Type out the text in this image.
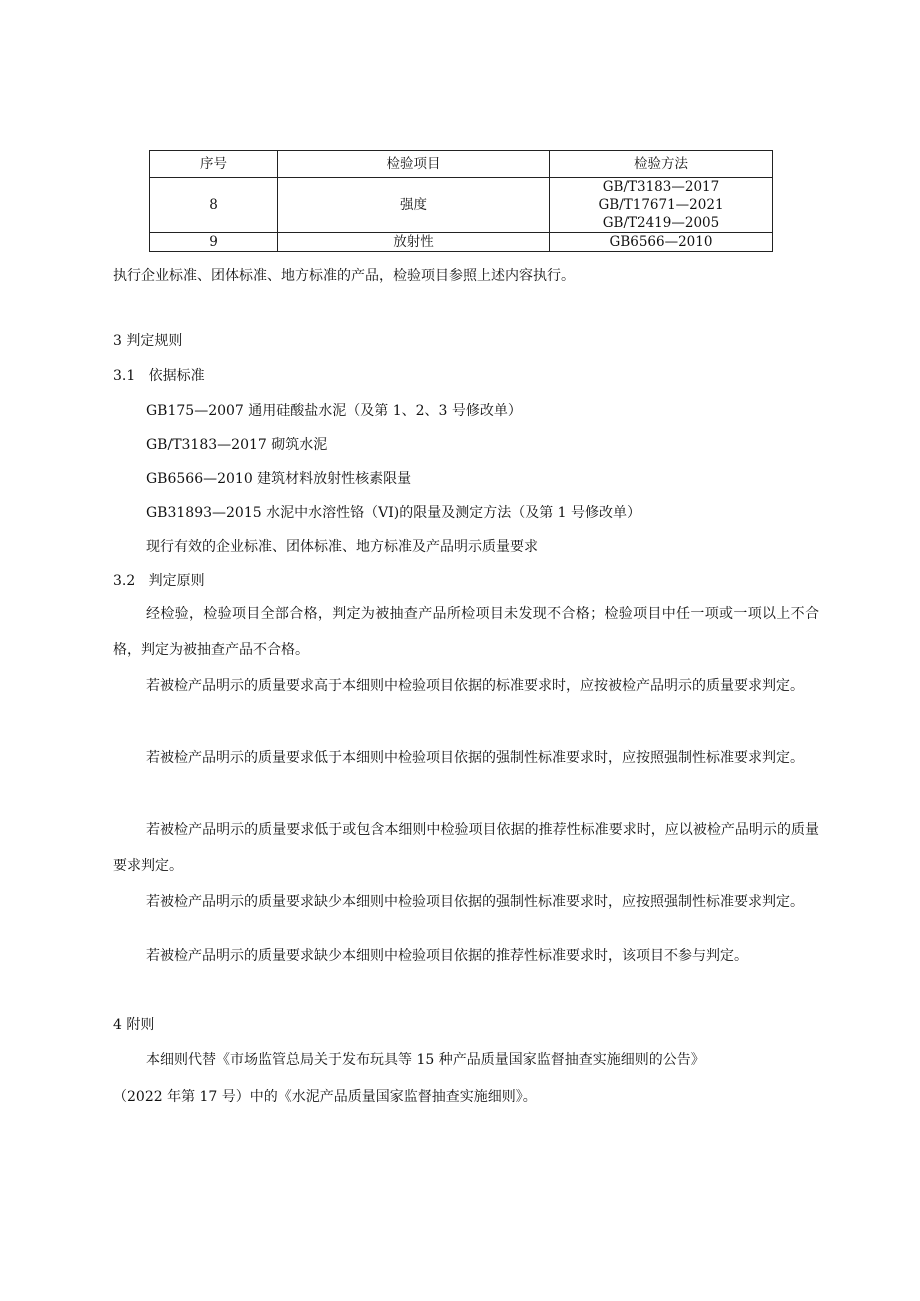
序号	检验项目	检验方法
8	强度	GB/T3183—2017
GB/T17671—2021
GB/T2419—2005

9	放射性	GB6566—2010
执行企业标准、团体标准、地方标准的产品，检验项目参照上述内容执行。
3 判定规则
3.1   依据标准
GB175—2007 通用硅酸盐水泥（及第 1、2、3 号修改单）
GB/T3183—2017 砌筑水泥
GB6566—2010 建筑材料放射性核素限量
GB31893—2015 水泥中水溶性铬（VI)的限量及测定方法（及第 1 号修改单）
现行有效的企业标准、团体标准、地方标准及产品明示质量要求
3.2   判定原则
经检验，检验项目全部合格，判定为被抽查产品所检项目未发现不合格；检验项目中任一项或一项以上不合格，判定为被抽查产品不合格。
若被检产品明示的质量要求高于本细则中检验项目依据的标准要求时，应按被检产品明示的质量要求判定。
若被检产品明示的质量要求低于本细则中检验项目依据的强制性标准要求时，应按照强制性标准要求判定。
若被检产品明示的质量要求低于或包含本细则中检验项目依据的推荐性标准要求时，应以被检产品明示的质量要求判定。
若被检产品明示的质量要求缺少本细则中检验项目依据的强制性标准要求时，应按照强制性标准要求判定。
若被检产品明示的质量要求缺少本细则中检验项目依据的推荐性标准要求时，该项目不参与判定。
4 附则
本细则代替《市场监管总局关于发布玩具等 15 种产品质量国家监督抽查实施细则的公告》
（2022 年第 17 号）中的《水泥产品质量国家监督抽查实施细则》。
